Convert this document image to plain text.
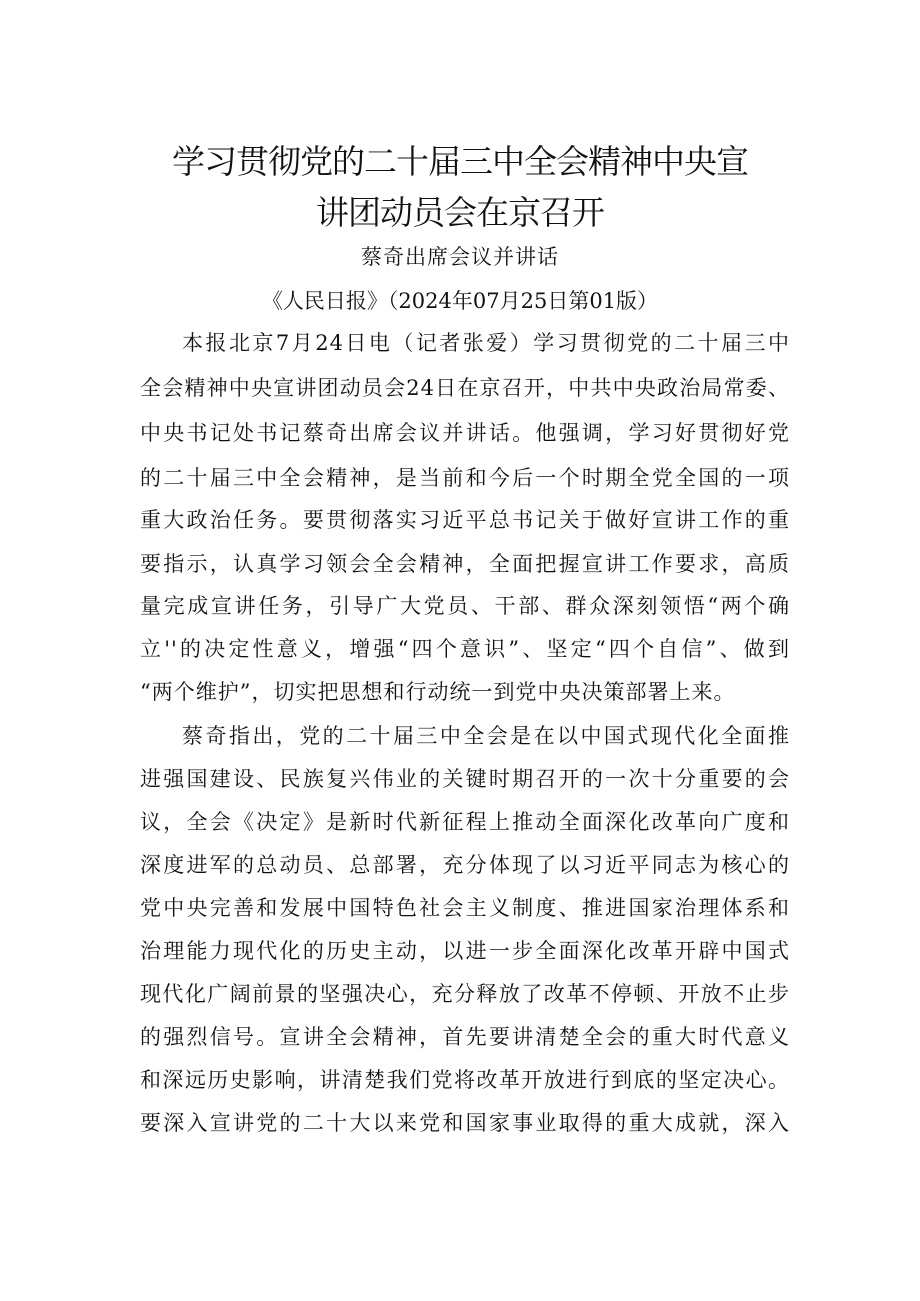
学习贯彻党的二十届三中全会精神中央宣
讲团动员会在京召开
蔡奇出席会议并讲话
《人民日报》（2024年07月25日第01版）
本报北京7月24日电（记者张爱）学习贯彻党的二十届三中
全会精神中央宣讲团动员会24日在京召开，中共中央政治局常委、
中央书记处书记蔡奇出席会议并讲话。他强调，学习好贯彻好党
的二十届三中全会精神，是当前和今后一个时期全党全国的一项
重大政治任务。要贯彻落实习近平总书记关于做好宣讲工作的重
要指示，认真学习领会全会精神，全面把握宣讲工作要求，高质
量完成宣讲任务，引导广大党员、干部、群众深刻领悟“两个确
立''的决定性意义，增强“四个意识”、坚定“四个自信”、做到
“两个维护”，切实把思想和行动统一到党中央决策部署上来。
蔡奇指出，党的二十届三中全会是在以中国式现代化全面推
进强国建设、民族复兴伟业的关键时期召开的一次十分重要的会
议，全会《决定》是新时代新征程上推动全面深化改革向广度和
深度进军的总动员、总部署，充分体现了以习近平同志为核心的
党中央完善和发展中国特色社会主义制度、推进国家治理体系和
治理能力现代化的历史主动，以进一步全面深化改革开辟中国式
现代化广阔前景的坚强决心，充分释放了改革不停顿、开放不止步
的强烈信号。宣讲全会精神，首先要讲清楚全会的重大时代意义
和深远历史影响，讲清楚我们党将改革开放进行到底的坚定决心。
要深入宣讲党的二十大以来党和国家事业取得的重大成就，深入
